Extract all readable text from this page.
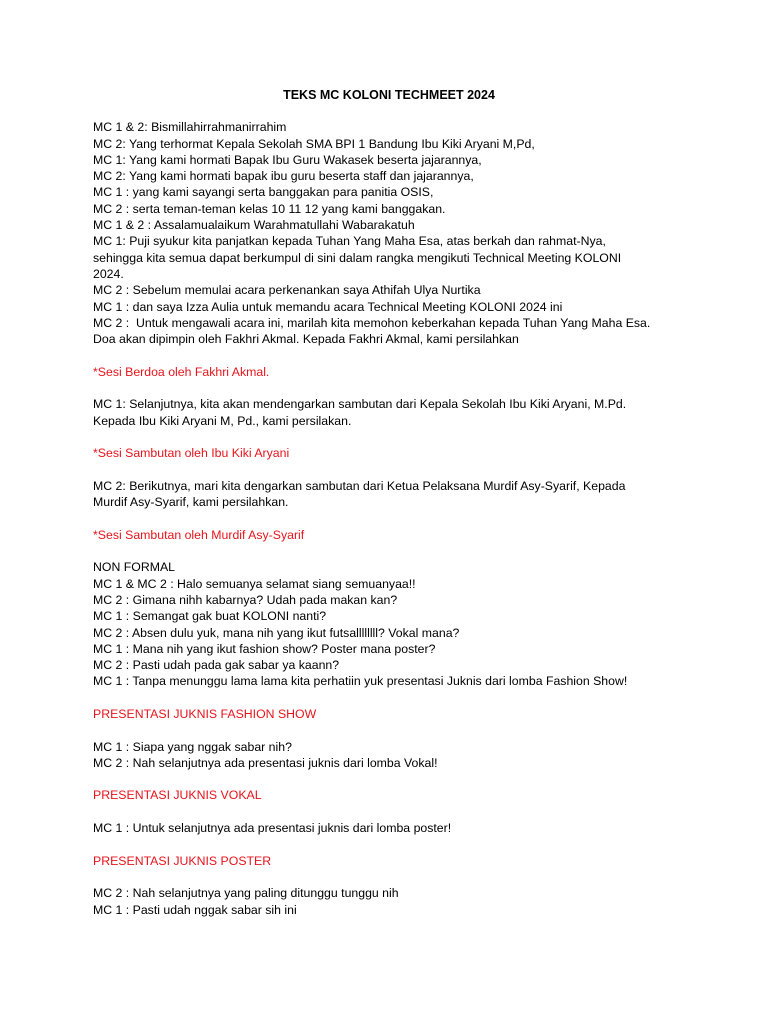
TEKS MC KOLONI TECHMEET 2024
MC 1 & 2: Bismillahirrahmanirrahim
MC 2: Yang terhormat Kepala Sekolah SMA BPI 1 Bandung Ibu Kiki Aryani M,Pd,
MC 1: Yang kami hormati Bapak Ibu Guru Wakasek beserta jajarannya,
MC 2: Yang kami hormati bapak ibu guru beserta staff dan jajarannya,
MC 1 : yang kami sayangi serta banggakan para panitia OSIS,
MC 2 : serta teman-teman kelas 10 11 12 yang kami banggakan.
MC 1 & 2 : Assalamualaikum Warahmatullahi Wabarakatuh
MC 1: Puji syukur kita panjatkan kepada Tuhan Yang Maha Esa, atas berkah dan rahmat-Nya,
sehingga kita semua dapat berkumpul di sini dalam rangka mengikuti Technical Meeting KOLONI
2024.
MC 2 : Sebelum memulai acara perkenankan saya Athifah Ulya Nurtika
MC 1 : dan saya Izza Aulia untuk memandu acara Technical Meeting KOLONI 2024 ini
MC 2 :  Untuk mengawali acara ini, marilah kita memohon keberkahan kepada Tuhan Yang Maha Esa.
Doa akan dipimpin oleh Fakhri Akmal. Kepada Fakhri Akmal, kami persilahkan
*Sesi Berdoa oleh Fakhri Akmal.
MC 1: Selanjutnya, kita akan mendengarkan sambutan dari Kepala Sekolah Ibu Kiki Aryani, M.Pd.
Kepada Ibu Kiki Aryani M, Pd., kami persilakan.
*Sesi Sambutan oleh Ibu Kiki Aryani
MC 2: Berikutnya, mari kita dengarkan sambutan dari Ketua Pelaksana Murdif Asy-Syarif, Kepada
Murdif Asy-Syarif, kami persilahkan.
*Sesi Sambutan oleh Murdif Asy-Syarif
NON FORMAL
MC 1 & MC 2 : Halo semuanya selamat siang semuanyaa!!
MC 2 : Gimana nihh kabarnya? Udah pada makan kan?
MC 1 : Semangat gak buat KOLONI nanti?
MC 2 : Absen dulu yuk, mana nih yang ikut futsallllllll? Vokal mana?
MC 1 : Mana nih yang ikut fashion show? Poster mana poster?
MC 2 : Pasti udah pada gak sabar ya kaann?
MC 1 : Tanpa menunggu lama lama kita perhatiin yuk presentasi Juknis dari lomba Fashion Show!
PRESENTASI JUKNIS FASHION SHOW
MC 1 : Siapa yang nggak sabar nih?
MC 2 : Nah selanjutnya ada presentasi juknis dari lomba Vokal!
PRESENTASI JUKNIS VOKAL
MC 1 : Untuk selanjutnya ada presentasi juknis dari lomba poster!
PRESENTASI JUKNIS POSTER
MC 2 : Nah selanjutnya yang paling ditunggu tunggu nih
MC 1 : Pasti udah nggak sabar sih ini
